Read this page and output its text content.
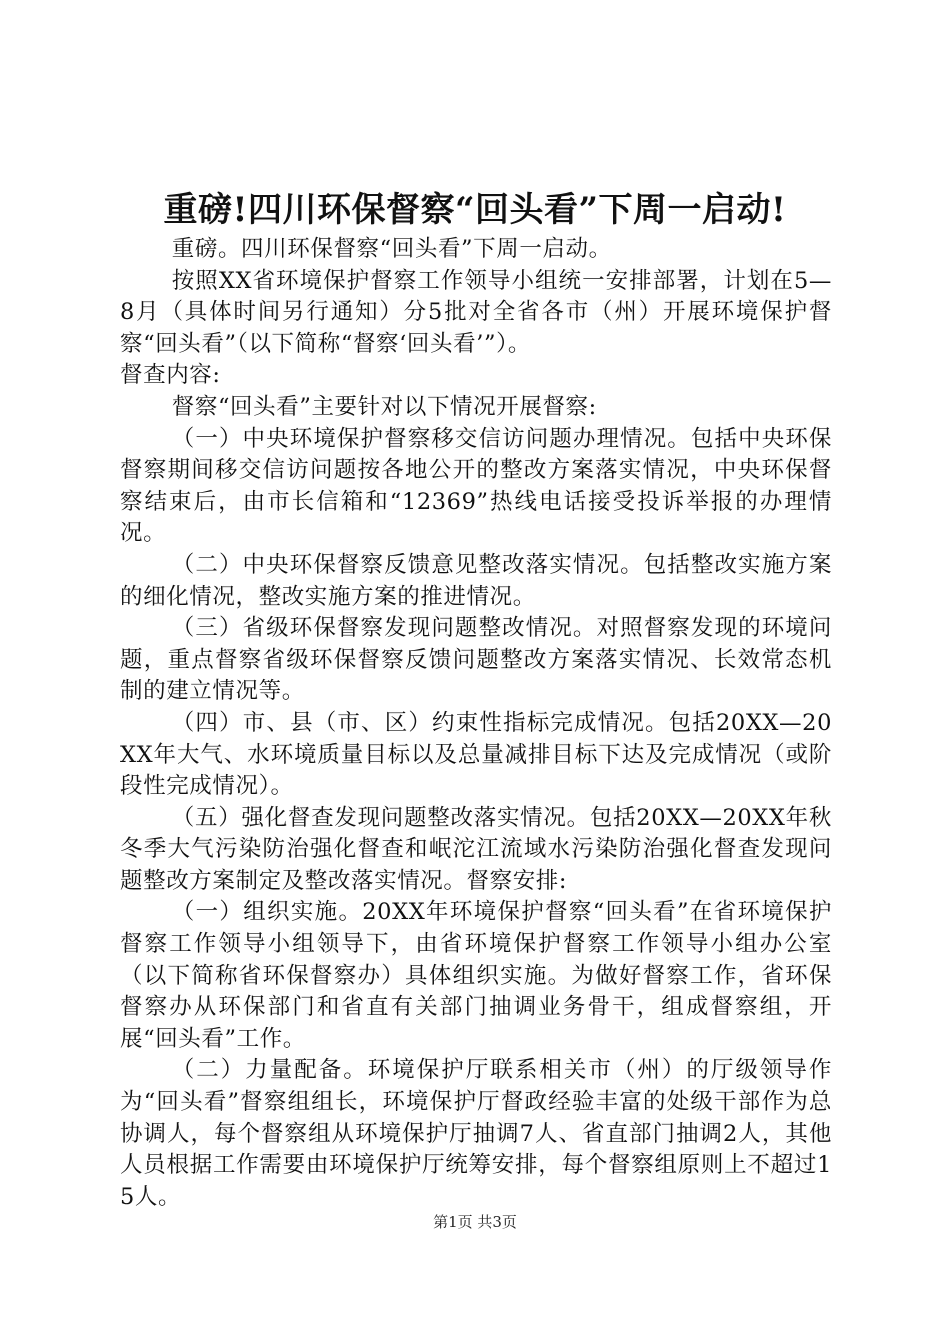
重磅!四川环保督察“回头看”下周一启动!

重磅。四川环保督察“回头看”下周一启动。

按照XX省环境保护督察工作领导小组统一安排部署，计划在5—8月（具体时间另行通知）分5批对全省各市（州）开展环境保护督察“回头看”（以下简称“督察‘回头看’”）。

督查内容:

督察“回头看”主要针对以下情况开展督察:

（一）中央环境保护督察移交信访问题办理情况。包括中央环保督察期间移交信访问题按各地公开的整改方案落实情况，中央环保督察结束后，由市长信箱和“12369”热线电话接受投诉举报的办理情况。

（二）中央环保督察反馈意见整改落实情况。包括整改实施方案的细化情况，整改实施方案的推进情况。

（三）省级环保督察发现问题整改情况。对照督察发现的环境问题，重点督察省级环保督察反馈问题整改方案落实情况、长效常态机制的建立情况等。

（四）市、县（市、区）约束性指标完成情况。包括20XX—20XX年大气、水环境质量目标以及总量减排目标下达及完成情况（或阶段性完成情况）。

（五）强化督查发现问题整改落实情况。包括20XX—20XX年秋冬季大气污染防治强化督查和岷沱江流域水污染防治强化督查发现问题整改方案制定及整改落实情况。督察安排:

（一）组织实施。20XX年环境保护督察“回头看”在省环境保护督察工作领导小组领导下，由省环境保护督察工作领导小组办公室（以下简称省环保督察办）具体组织实施。为做好督察工作，省环保督察办从环保部门和省直有关部门抽调业务骨干，组成督察组，开展“回头看”工作。

（二）力量配备。环境保护厅联系相关市（州）的厅级领导作为“回头看”督察组组长，环境保护厅督政经验丰富的处级干部作为总协调人，每个督察组从环境保护厅抽调7人、省直部门抽调2人，其他人员根据工作需要由环境保护厅统筹安排，每个督察组原则上不超过15人。

第1页 共3页
